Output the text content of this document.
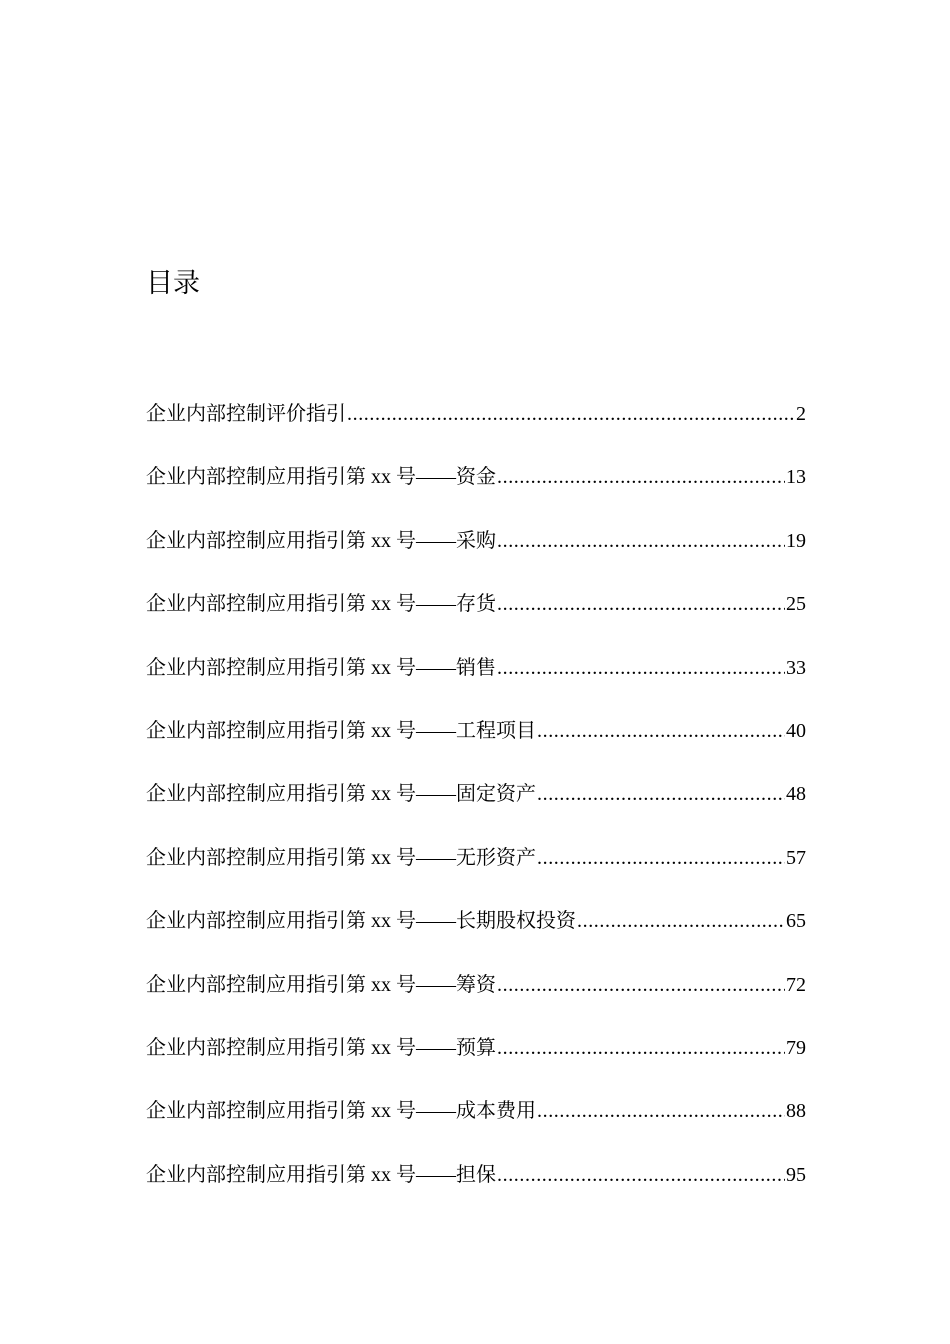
目录
企业内部控制评价指引 .....	2
企业内部控制应用指引第 xx 号——资金 .....	13
企业内部控制应用指引第 xx 号——采购 .....	19
企业内部控制应用指引第 xx 号——存货 .....	25
企业内部控制应用指引第 xx 号——销售 .....	33
企业内部控制应用指引第 xx 号——工程项目 .....	40
企业内部控制应用指引第 xx 号——固定资产 .....	48
企业内部控制应用指引第 xx 号——无形资产 .....	57
企业内部控制应用指引第 xx 号——长期股权投资 .....	65
企业内部控制应用指引第 xx 号——筹资 .....	72
企业内部控制应用指引第 xx 号——预算 .....	79
企业内部控制应用指引第 xx 号——成本费用 .....	88
企业内部控制应用指引第 xx 号——担保 .....	95
